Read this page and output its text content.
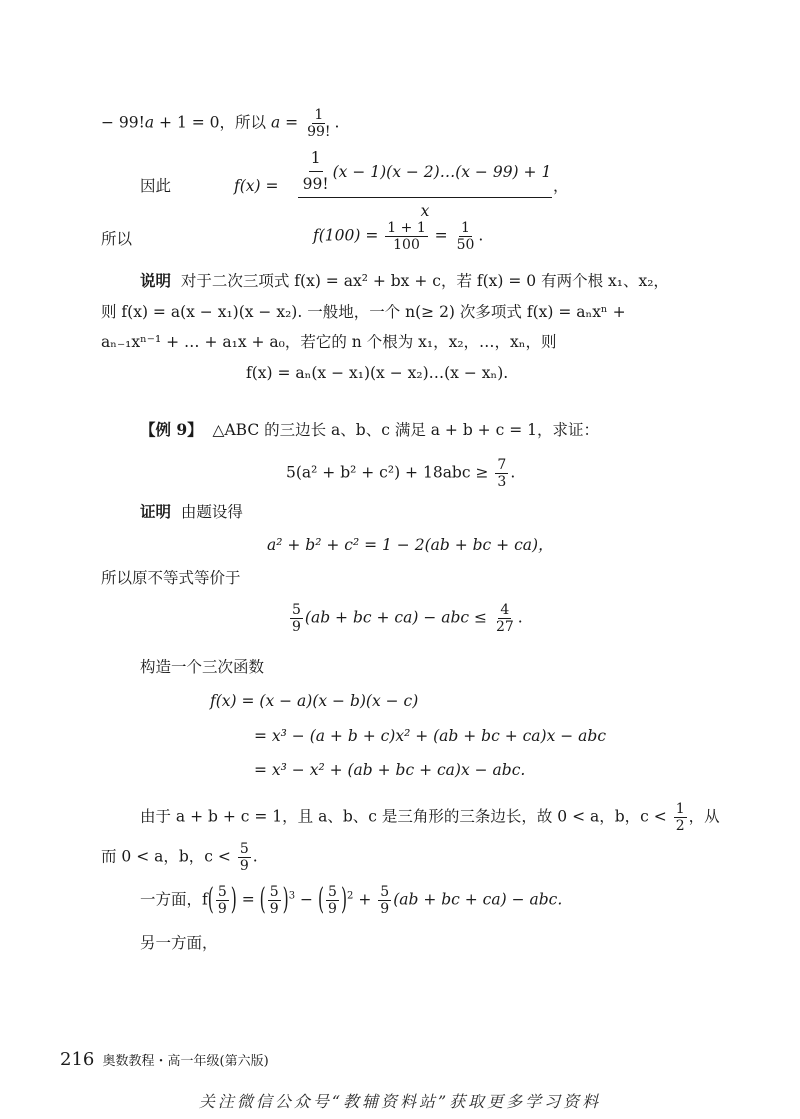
− 99!a + 1 = 0，所以 $a = \frac{1}{99!}$ .
因此	$f(x) = \frac{1}{99!} (x - 1)(x$ − 2)…(x − 99) + 1
x
，
所以	$f(100) = \frac{1 + 1}{100} = \frac{1}{50}$ .
说明 对于二次三项式 f(x) = ax² + bx + c，若 f(x) = 0 有两个根 x₁、x₂，
则 f(x) = a(x − x₁)(x − x₂). 一般地，一个 n(≥ 2) 次多项式 f(x) = aₙxⁿ +
aₙ₋₁xⁿ⁻¹ + … + a₁x + a₀，若它的 n 个根为 x₁，x₂，…，xₙ，则
f(x) = aₙ(x − x₁)(x − x₂)…(x − xₙ).
【例 9】 △ABC 的三边长 a、b、c 满足 a + b + c = 1，求证：
$5(a^2 + b^2 + c^2) + 18abc \ge \frac{7}{3}$ .
证明 由题设得
a² + b² + c² = 1 − 2(ab + bc + ca)，
所以原不等式等价于
$\frac{5}{9} (ab$ + bc + ca) − abc ≤ $\frac{4}{27}$ .
构造一个三次函数
f(x) = (x − a)(x − b)(x − c)
= x³ − (a + b + c)x² + (ab + bc + ca)x − abc
= x³ − x² + (ab + bc + ca)x − abc.
由于 a + b + c = 1，且 a、b、c 是三角形的三条边长，故 0 < a，b，$c < \frac{1}{2}$ ，从
而 0 < a，b，$c < \frac{5}{9}$ .
一方面，$f( \frac{5}{9}$ ) = ( $\frac{5}{9} )^3$ − ( $\frac{5}{9} )^2 + \frac{5}{9} (ab$ + bc + ca) − abc.
另一方面，
216 奥数教程・高一年级(第六版)
关注微信公众号“教辅资料站”获取更多学习资料
